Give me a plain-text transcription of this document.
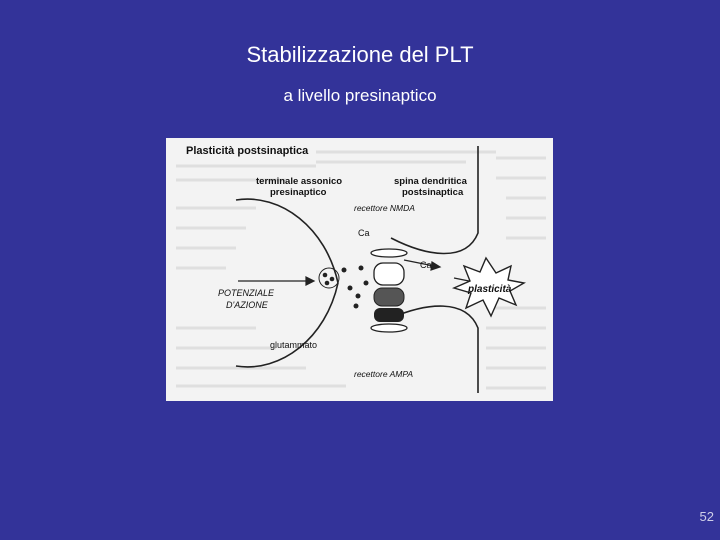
Stabilizzazione del PLT
a livello presinaptico
Plasticità postsinaptica
terminale assonico
presinaptico
spina dendritica
postsinaptica
recettore NMDA
Ca
Ca
POTENZIALE
D'AZIONE
glutammato
recettore AMPA
plasticità
52
